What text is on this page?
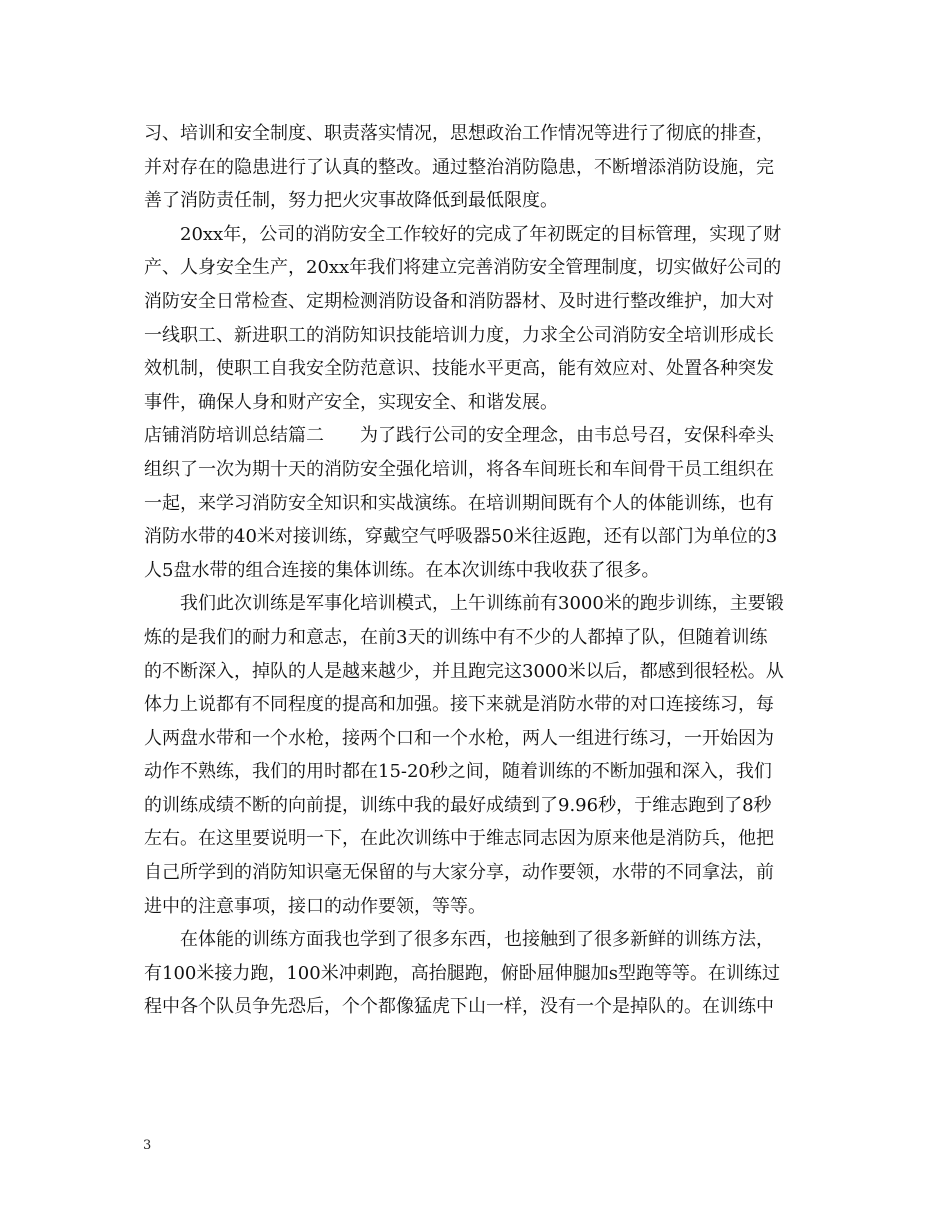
习、培训和安全制度、职责落实情况，思想政治工作情况等进行了彻底的排查，
并对存在的隐患进行了认真的整改。通过整治消防隐患，不断增添消防设施，完
善了消防责任制，努力把火灾事故降低到最低限度。
20xx年，公司的消防安全工作较好的完成了年初既定的目标管理，实现了财
产、人身安全生产，20xx年我们将建立完善消防安全管理制度，切实做好公司的
消防安全日常检查、定期检测消防设备和消防器材、及时进行整改维护，加大对
一线职工、新进职工的消防知识技能培训力度，力求全公司消防安全培训形成长
效机制，使职工自我安全防范意识、技能水平更高，能有效应对、处置各种突发
事件，确保人身和财产安全，实现安全、和谐发展。
店铺消防培训总结篇二　　为了践行公司的安全理念，由韦总号召，安保科牵头
组织了一次为期十天的消防安全强化培训，将各车间班长和车间骨干员工组织在
一起，来学习消防安全知识和实战演练。在培训期间既有个人的体能训练，也有
消防水带的40米对接训练，穿戴空气呼吸器50米往返跑，还有以部门为单位的3
人5盘水带的组合连接的集体训练。在本次训练中我收获了很多。
我们此次训练是军事化培训模式，上午训练前有3000米的跑步训练，主要锻
炼的是我们的耐力和意志，在前3天的训练中有不少的人都掉了队，但随着训练
的不断深入，掉队的人是越来越少，并且跑完这3000米以后，都感到很轻松。从
体力上说都有不同程度的提高和加强。接下来就是消防水带的对口连接练习，每
人两盘水带和一个水枪，接两个口和一个水枪，两人一组进行练习，一开始因为
动作不熟练，我们的用时都在15-20秒之间，随着训练的不断加强和深入，我们
的训练成绩不断的向前提，训练中我的最好成绩到了9.96秒，于维志跑到了8秒
左右。在这里要说明一下，在此次训练中于维志同志因为原来他是消防兵，他把
自己所学到的消防知识毫无保留的与大家分享，动作要领，水带的不同拿法，前
进中的注意事项，接口的动作要领，等等。
在体能的训练方面我也学到了很多东西，也接触到了很多新鲜的训练方法，
有100米接力跑，100米冲刺跑，高抬腿跑，俯卧屈伸腿加s型跑等等。在训练过
程中各个队员争先恐后，个个都像猛虎下山一样，没有一个是掉队的。在训练中
3
